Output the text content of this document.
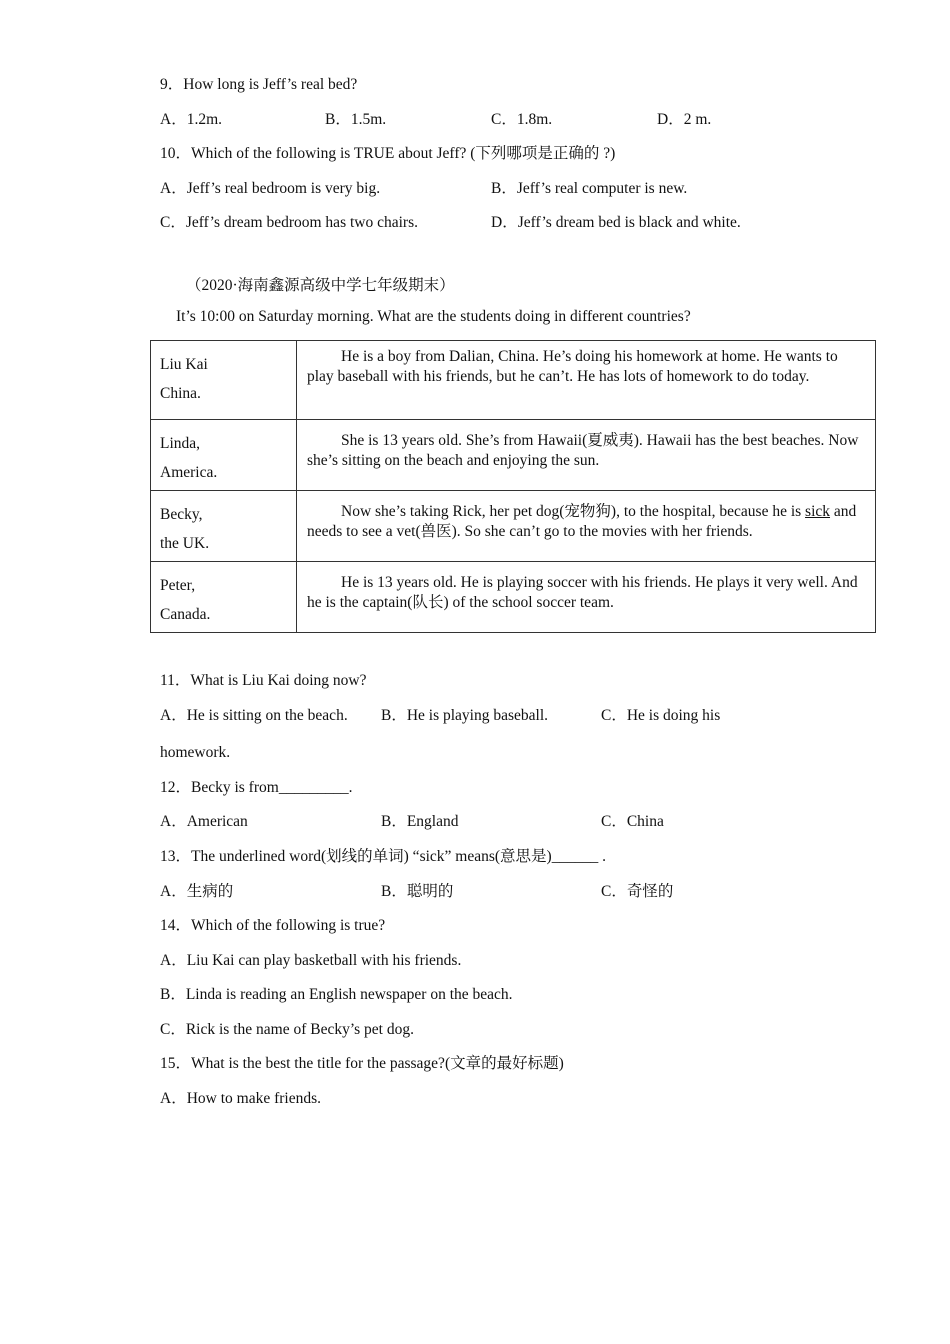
9．How long is Jeff’s real bed?
A．1.2m.	B．1.5m.	C．1.8m.	D．2 m.
10．Which of the following is TRUE about Jeff? (下列哪项是正确的 ?)
A．Jeff’s real bedroom is very big.	B．Jeff’s real computer is new.
C．Jeff’s dream bedroom has two chairs.	D．Jeff’s dream bed is black and white.
（2020·海南鑫源高级中学七年级期末）
It’s 10:00 on Saturday morning. What are the students doing in different countries?
Liu Kai
China.	He is a boy from Dalian, China. He’s doing his homework at home. He wants to play baseball with his friends, but he can’t. He has lots of homework to do today.

Linda,
America.	She is 13 years old. She’s from Hawaii(夏威夷). Hawaii has the best beaches. Now she’s sitting on the beach and enjoying the sun.

Becky,
the UK.	Now she’s taking Rick, her pet dog(宠物狗), to the hospital, because he is sick and needs to see a vet(兽医). So she can’t go to the movies with her friends.

Peter,
Canada.	He is 13 years old. He is playing soccer with his friends. He plays it very well. And he is the captain(队长) of the school soccer team.
11．What is Liu Kai doing now?
A．He is sitting on the beach. B．He is playing baseball.	C．He is doing his
homework.
12．Becky is from_________.
A．American	B．England	C．China
13．The underlined word(划线的单词) “sick” means(意思是)______ .
A．生病的	B．聪明的	C．奇怪的
14．Which of the following is true?
A．Liu Kai can play basketball with his friends.
B．Linda is reading an English newspaper on the beach.
C．Rick is the name of Becky’s pet dog.
15．What is the best the title for the passage?(文章的最好标题)
A．How to make friends.
